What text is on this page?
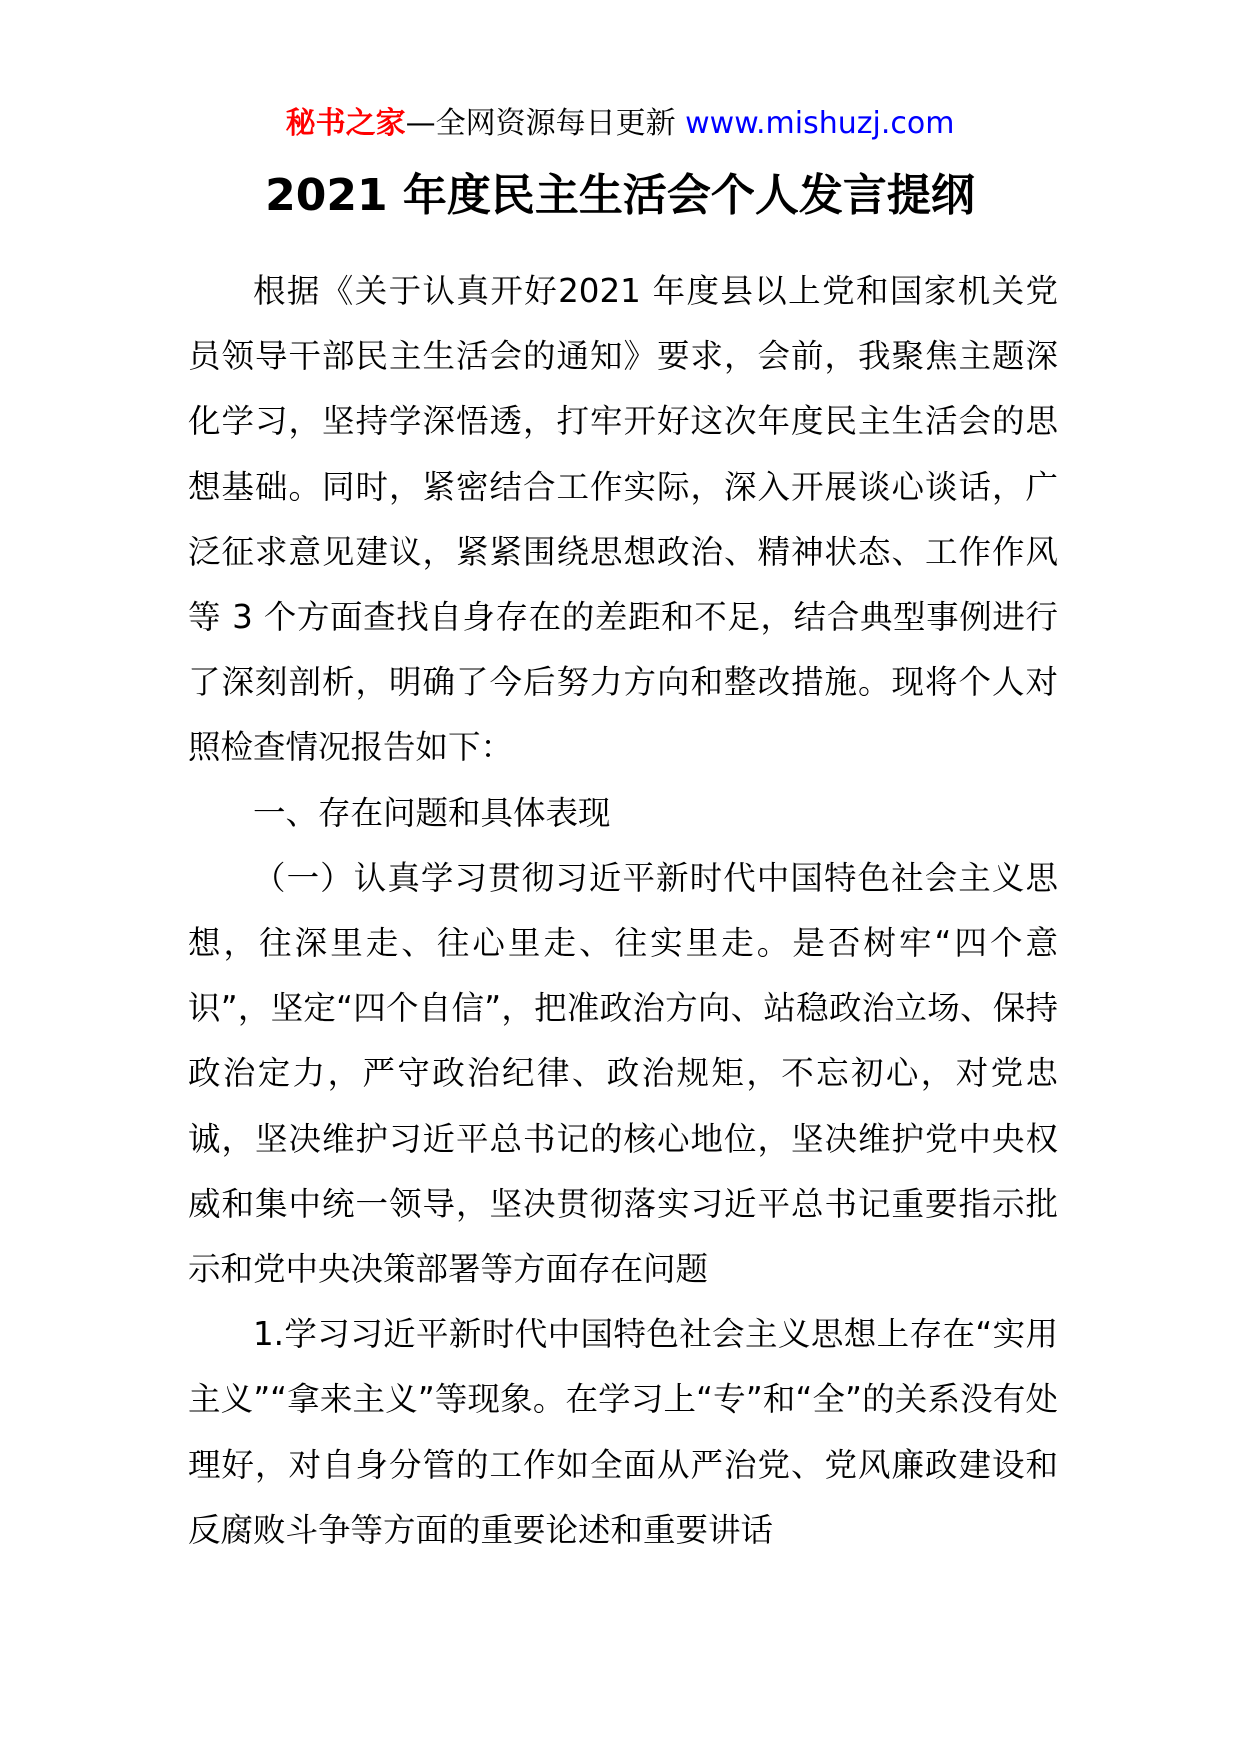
秘书之家—全网资源每日更新 www.mishuzj.com
2021 年度民主生活会个人发言提纲

根据《关于认真开好2021 年度县以上党和国家机关党员领导干部民主生活会的通知》要求，会前，我聚焦主题深化学习，坚持学深悟透，打牢开好这次年度民主生活会的思想基础。同时，紧密结合工作实际，深入开展谈心谈话，广泛征求意见建议，紧紧围绕思想政治、精神状态、工作作风等 3 个方面查找自身存在的差距和不足，结合典型事例进行了深刻剖析，明确了今后努力方向和整改措施。现将个人对照检查情况报告如下：

一、存在问题和具体表现

（一）认真学习贯彻习近平新时代中国特色社会主义思想，往深里走、往心里走、往实里走。是否树牢“四个意识”，坚定“四个自信”，把准政治方向、站稳政治立场、保持政治定力，严守政治纪律、政治规矩，不忘初心，对党忠诚，坚决维护习近平总书记的核心地位，坚决维护党中央权威和集中统一领导，坚决贯彻落实习近平总书记重要指示批示和党中央决策部署等方面存在问题

1.学习习近平新时代中国特色社会主义思想上存在“实用主义”“拿来主义”等现象。在学习上“专”和“全”的关系没有处理好，对自身分管的工作如全面从严治党、党风廉政建设和反腐败斗争等方面的重要论述和重要讲话
